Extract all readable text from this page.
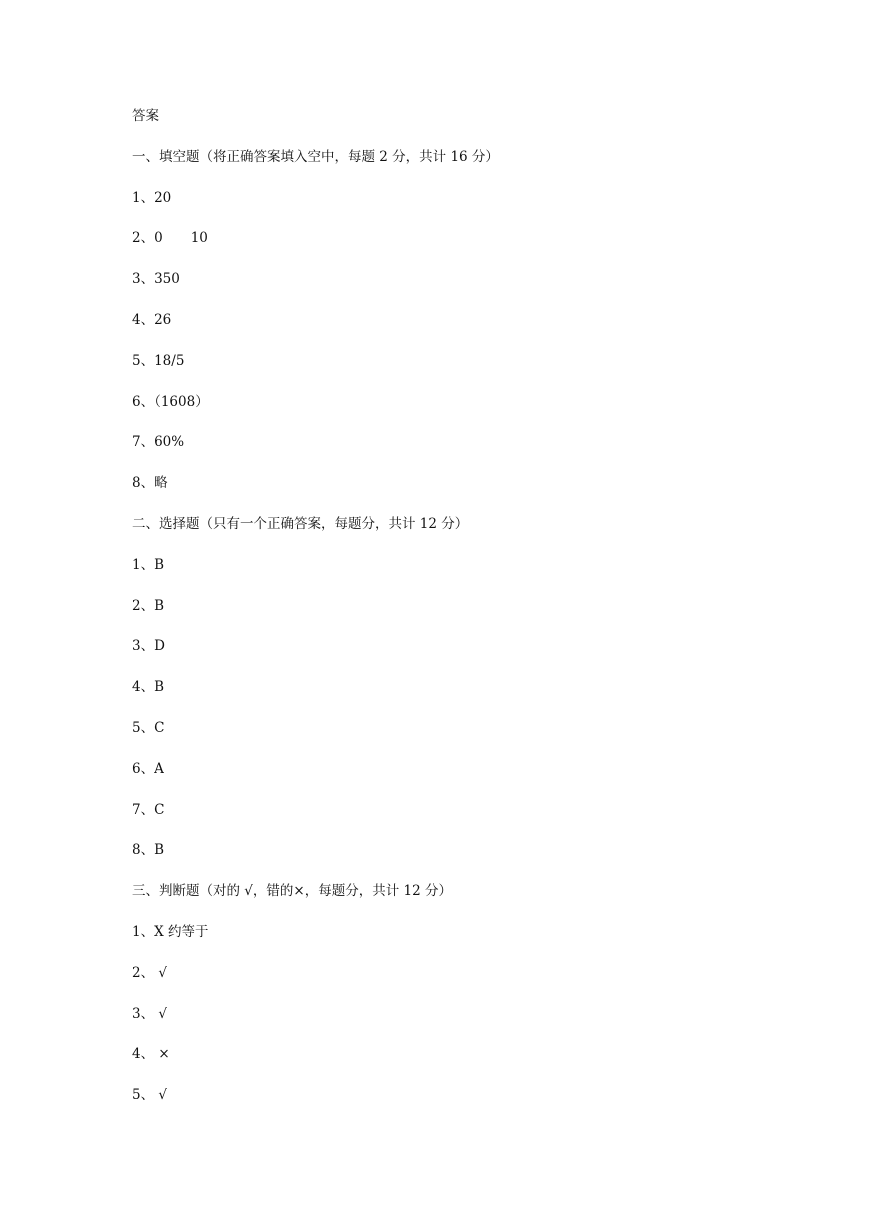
答案
一、填空题（将正确答案填入空中，每题 2 分，共计 16 分）
1、20
2、0 10
3、350
4、26
5、18/5
6、（1608）
7、60%
8、略
二、选择题（只有一个正确答案，每题分，共计 12 分）
1、B
2、B
3、D
4、B
5、C
6、A
7、C
8、B
三、判断题（对的 √，错的×，每题分，共计 12 分）
1、X 约等于
2、 √
3、 √
4、 ×
5、 √
